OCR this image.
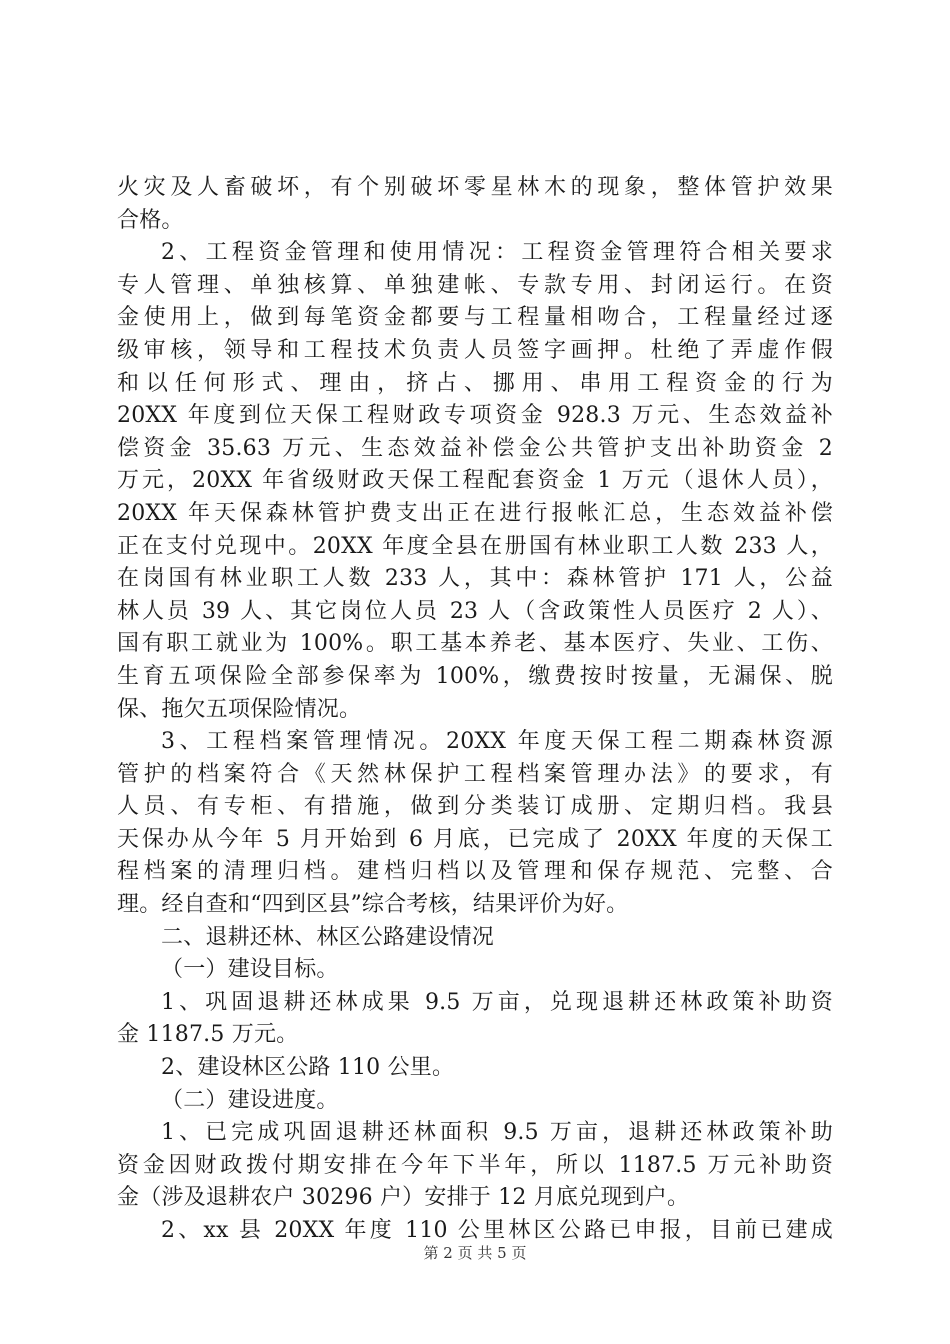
火灾及人畜破坏，有个别破坏零星林木的现象，整体管护效果
合格。
2、工程资金管理和使用情况：工程资金管理符合相关要求
专人管理、单独核算、单独建帐、专款专用、封闭运行。在资
金使用上，做到每笔资金都要与工程量相吻合，工程量经过逐
级审核，领导和工程技术负责人员签字画押。杜绝了弄虚作假
和以任何形式、理由，挤占、挪用、串用工程资金的行为
20XX 年度到位天保工程财政专项资金 928.3 万元、生态效益补
偿资金 35.63 万元、生态效益补偿金公共管护支出补助资金 2
万元，20XX 年省级财政天保工程配套资金 1 万元（退休人员），
20XX 年天保森林管护费支出正在进行报帐汇总，生态效益补偿
正在支付兑现中。20XX 年度全县在册国有林业职工人数 233 人，
在岗国有林业职工人数 233 人，其中：森林管护 171 人，公益
林人员 39 人、其它岗位人员 23 人（含政策性人员医疗 2 人）、
国有职工就业为 100%。职工基本养老、基本医疗、失业、工伤、
生育五项保险全部参保率为 100%，缴费按时按量，无漏保、脱
保、拖欠五项保险情况。
3、工程档案管理情况。20XX 年度天保工程二期森林资源
管护的档案符合《天然林保护工程档案管理办法》的要求，有
人员、有专柜、有措施，做到分类装订成册、定期归档。我县
天保办从今年 5 月开始到 6 月底，已完成了 20XX 年度的天保工
程档案的清理归档。建档归档以及管理和保存规范、完整、合
理。经自查和“四到区县”综合考核，结果评价为好。
二、退耕还林、林区公路建设情况
（一）建设目标。
1、巩固退耕还林成果 9.5 万亩，兑现退耕还林政策补助资
金 1187.5 万元。
2、建设林区公路 110 公里。
（二）建设进度。
1、已完成巩固退耕还林面积 9.5 万亩，退耕还林政策补助
资金因财政拨付期安排在今年下半年，所以 1187.5 万元补助资
金（涉及退耕农户 30296 户）安排于 12 月底兑现到户。
2、xx 县 20XX 年度 110 公里林区公路已申报，目前已建成
第 2 页 共 5 页
